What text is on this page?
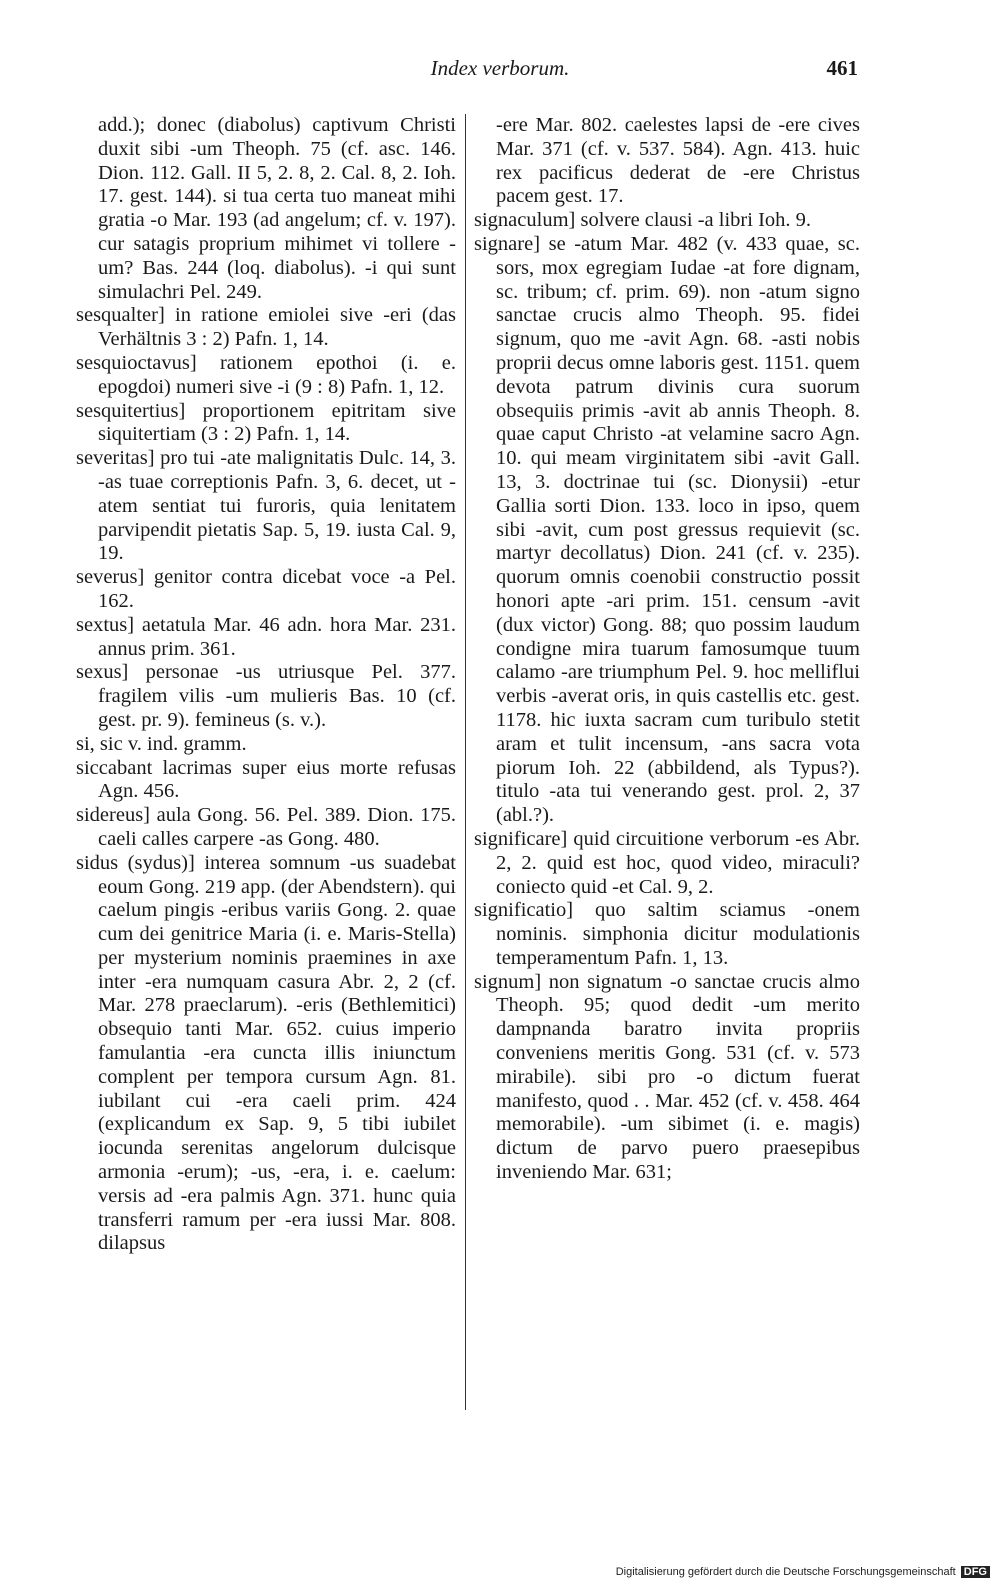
Index verborum.	461

add.); donec (diabolus) captivum Christi duxit sibi -um Theoph. 75 (cf. asc. 146. Dion. 112. Gall. II 5, 2. 8, 2. Cal. 8, 2. Ioh. 17. gest. 144). si tua certa tuo maneat mihi gratia -o Mar. 193 (ad angelum; cf. v. 197). cur satagis proprium mihimet vi tollere -um? Bas. 244 (loq. diabolus). -i qui sunt simulachri Pel. 249.

sesqualter] in ratione emiolei sive -eri (das Verhältnis 3 : 2) Pafn. 1, 14.

sesquioctavus] rationem epothoi (i. e. epogdoi) numeri sive -i (9 : 8) Pafn. 1, 12.

sesquitertius] proportionem epitritam sive siquitertiam (3 : 2) Pafn. 1, 14.

severitas] pro tui -ate malignitatis Dulc. 14, 3. -as tuae correptionis Pafn. 3, 6. decet, ut -atem sentiat tui furoris, quia lenitatem parvipendit pietatis Sap. 5, 19. iusta Cal. 9, 19.

severus] genitor contra dicebat voce -a Pel. 162.

sextus] aetatula Mar. 46 adn. hora Mar. 231. annus prim. 361.

sexus] personae -us utriusque Pel. 377. fragilem vilis -um mulieris Bas. 10 (cf. gest. pr. 9). femineus (s. v.).

si, sic v. ind. gramm.

siccabant lacrimas super eius morte refusas Agn. 456.

sidereus] aula Gong. 56. Pel. 389. Dion. 175. caeli calles carpere -as Gong. 480.

sidus (sydus)] interea somnum -us suadebat eoum Gong. 219 app. (der Abendstern). qui caelum pingis -eribus variis Gong. 2. quae cum dei genitrice Maria (i. e. Maris-Stella) per mysterium nominis praemines in axe inter -era numquam casura Abr. 2, 2 (cf. Mar. 278 praeclarum). -eris (Bethlemitici) obsequio tanti Mar. 652. cuius imperio famulantia -era cuncta illis iniunctum complent per tempora cursum Agn. 81. iubilant cui -era caeli prim. 424 (explicandum ex Sap. 9, 5 tibi iubilet iocunda serenitas angelorum dulcisque armonia -erum); -us, -era, i. e. caelum: versis ad -era palmis Agn. 371. hunc quia transferri ramum per -era iussi Mar. 808. dilapsus

-ere Mar. 802. caelestes lapsi de -ere cives Mar. 371 (cf. v. 537. 584). Agn. 413. huic rex pacificus dederat de -ere Christus pacem gest. 17.

signaculum] solvere clausi -a libri Ioh. 9.

signare] se -atum Mar. 482 (v. 433 quae, sc. sors, mox egregiam Iudae -at fore dignam, sc. tribum; cf. prim. 69). non -atum signo sanctae crucis almo Theoph. 95. fidei signum, quo me -avit Agn. 68. -asti nobis proprii decus omne laboris gest. 1151. quem devota patrum divinis cura suorum obsequiis primis -avit ab annis Theoph. 8. quae caput Christo -at velamine sacro Agn. 10. qui meam virginitatem sibi -avit Gall. 13, 3. doctrinae tui (sc. Dionysii) -etur Gallia sorti Dion. 133. loco in ipso, quem sibi -avit, cum post gressus requievit (sc. martyr decollatus) Dion. 241 (cf. v. 235). quorum omnis coenobii constructio possit honori apte -ari prim. 151. censum -avit (dux victor) Gong. 88; quo possim laudum condigne mira tuarum famosumque tuum calamo -are triumphum Pel. 9. hoc melliflui verbis -averat oris, in quis castellis etc. gest. 1178. hic iuxta sacram cum turibulo stetit aram et tulit incensum, -ans sacra vota piorum Ioh. 22 (abbildend, als Typus?). titulo -ata tui venerando gest. prol. 2, 37 (abl.?).

significare] quid circuitione verborum -es Abr. 2, 2. quid est hoc, quod video, miraculi? coniecto quid -et Cal. 9, 2.

significatio] quo saltim sciamus -onem nominis. simphonia dicitur modulationis temperamentum Pafn. 1, 13.

signum] non signatum -o sanctae crucis almo Theoph. 95; quod dedit -um merito dampnanda baratro invita propriis conveniens meritis Gong. 531 (cf. v. 573 mirabile). sibi pro -o dictum fuerat manifesto, quod . . Mar. 452 (cf. v. 458. 464 memorabile). -um sibimet (i. e. magis) dictum de parvo puero praesepibus inveniendo Mar. 631;

Digitalisierung gefördert durch die Deutsche Forschungsgemeinschaft DFG
